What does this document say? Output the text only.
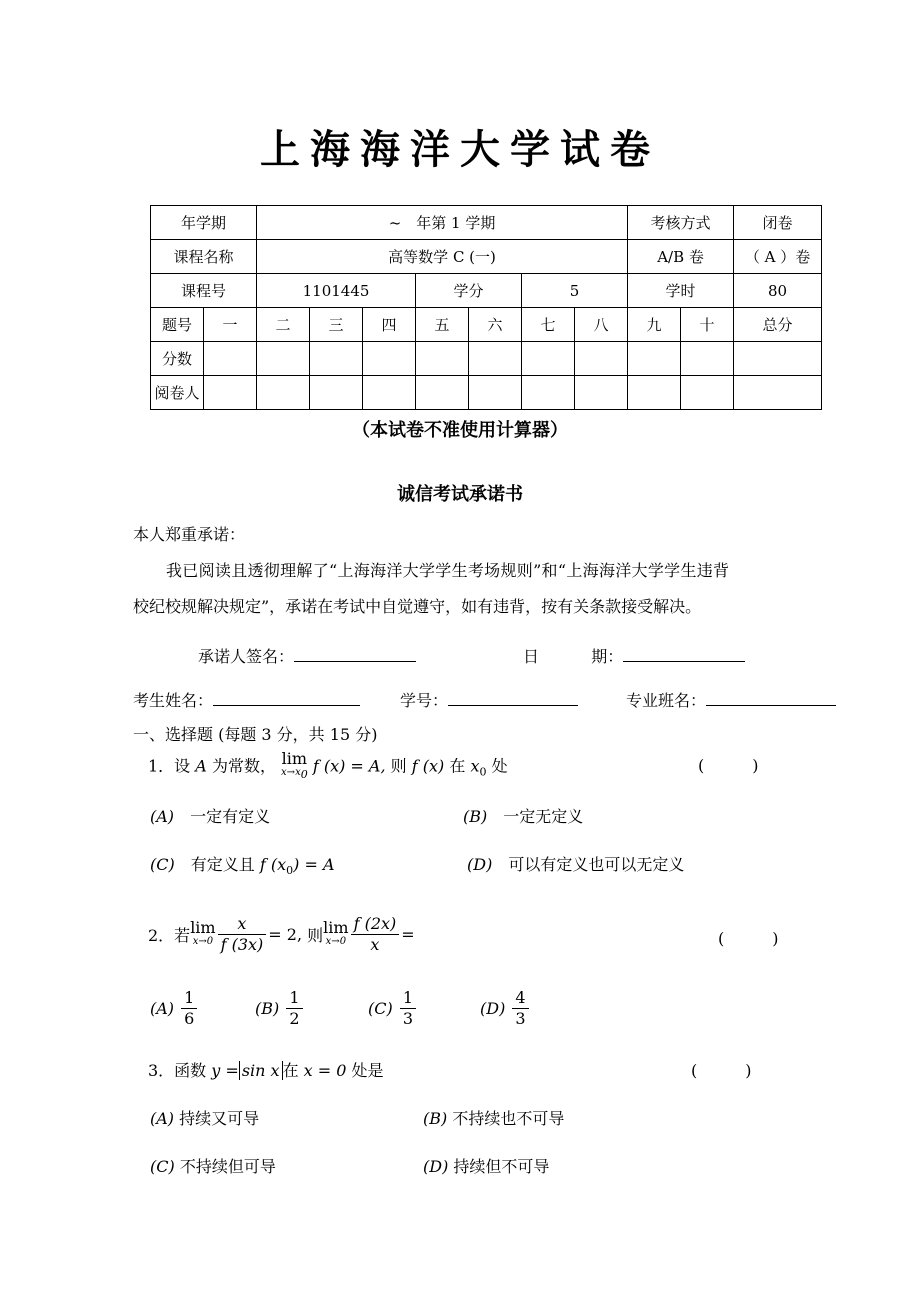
上海海洋大学试卷
年学期		~　年第 1 学期							考核方式		闭卷
课程名称		高等数学 C (一)							A/B 卷		（ A ）卷
课程号		1101445			学分		5		学时		80
题号	一	二	三	四	五	六	七	八	九	十	总分
分数											
阅卷人											
（本试卷不准使用计算器）
诚信考试承诺书
本人郑重承诺：
我已阅读且透彻理解了“上海海洋大学学生考场规则”和“上海海洋大学学生违背
校纪校规解决规定”，承诺在考试中自觉遵守，如有违背，按有关条款接受解决。
承诺人签名：	日	期：
考生姓名：	学号：	专业班名：
一、选择题 (每题 3 分，共 15 分)
1．设 A 为常数， lim
$x\to x_0$ f (x) = A, 则 f (x) 在 $x_0$ 处	(　　　)
(A)　 一定有定义	(B)　 一定无定义
(C)　 有定义且 f $(x_0) = A$	(D)　 可以有定义也可以无定义
2．若lim
$x\to 0 \frac{x}{f (3x)} = 2$, 则lim
$x\to 0 \frac{f (2x)}{x}$ =	(　　　)
$(A) \frac{1}{6}$	$(B) \frac{1}{2}$	$(C) \frac{1}{3}$	$(D) \frac{4}{3}$
3．函数 y = sin x 在 x = 0 处是	(　　　)
(A) 持续又可导	(B) 不持续也不可导
(C) 不持续但可导	(D) 持续但不可导
